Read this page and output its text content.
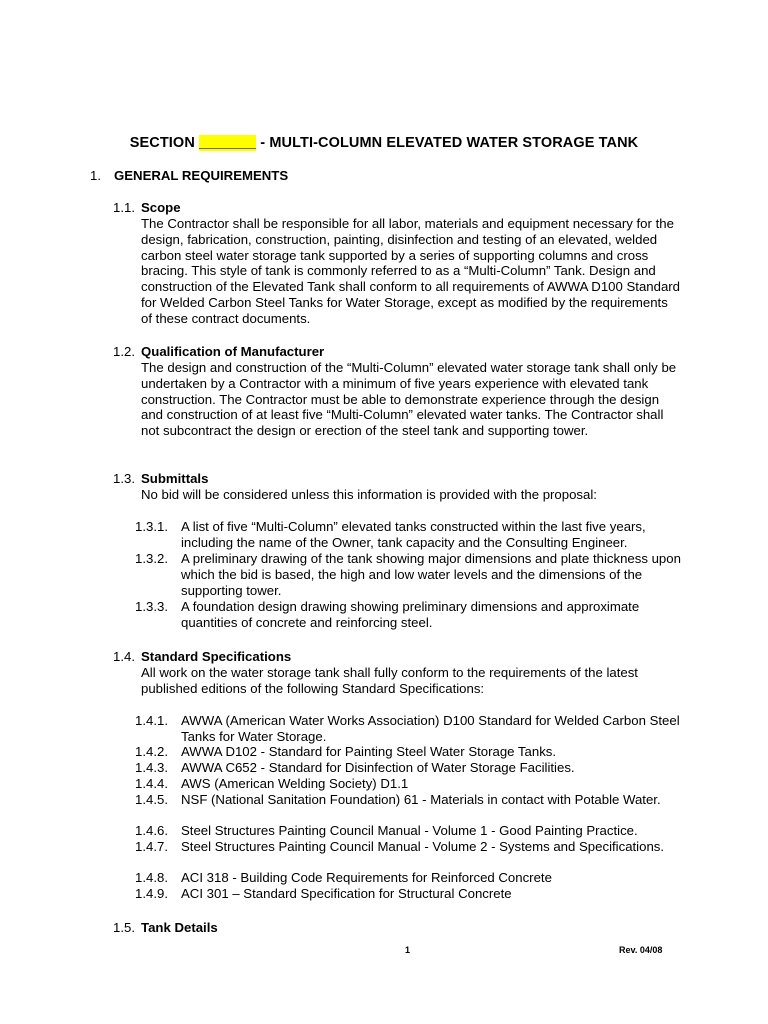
SECTION _______ - MULTI-COLUMN ELEVATED WATER STORAGE TANK
1. GENERAL REQUIREMENTS
1.1. Scope
The Contractor shall be responsible for all labor, materials and equipment necessary for the design, fabrication, construction, painting, disinfection and testing of an elevated, welded carbon steel water storage tank supported by a series of supporting columns and cross bracing. This style of tank is commonly referred to as a “Multi-Column” Tank. Design and construction of the Elevated Tank shall conform to all requirements of AWWA D100 Standard for Welded Carbon Steel Tanks for Water Storage, except as modified by the requirements of these contract documents.
1.2. Qualification of Manufacturer
The design and construction of the “Multi-Column” elevated water storage tank shall only be undertaken by a Contractor with a minimum of five years experience with elevated tank construction. The Contractor must be able to demonstrate experience through the design and construction of at least five “Multi-Column” elevated water tanks. The Contractor shall not subcontract the design or erection of the steel tank and supporting tower.
1.3. Submittals
No bid will be considered unless this information is provided with the proposal:
1.3.1. A list of five “Multi-Column” elevated tanks constructed within the last five years, including the name of the Owner, tank capacity and the Consulting Engineer.
1.3.2. A preliminary drawing of the tank showing major dimensions and plate thickness upon which the bid is based, the high and low water levels and the dimensions of the supporting tower.
1.3.3. A foundation design drawing showing preliminary dimensions and approximate quantities of concrete and reinforcing steel.
1.4. Standard Specifications
All work on the water storage tank shall fully conform to the requirements of the latest published editions of the following Standard Specifications:
1.4.1. AWWA (American Water Works Association) D100 Standard for Welded Carbon Steel Tanks for Water Storage.
1.4.2. AWWA D102 - Standard for Painting Steel Water Storage Tanks.
1.4.3. AWWA C652 - Standard for Disinfection of Water Storage Facilities.
1.4.4. AWS (American Welding Society) D1.1
1.4.5. NSF (National Sanitation Foundation) 61 - Materials in contact with Potable Water.
1.4.6. Steel Structures Painting Council Manual - Volume 1 - Good Painting Practice.
1.4.7. Steel Structures Painting Council Manual - Volume 2 - Systems and Specifications.
1.4.8. ACI 318 - Building Code Requirements for Reinforced Concrete
1.4.9. ACI 301 – Standard Specification for Structural Concrete
1.5. Tank Details
1	Rev. 04/08
